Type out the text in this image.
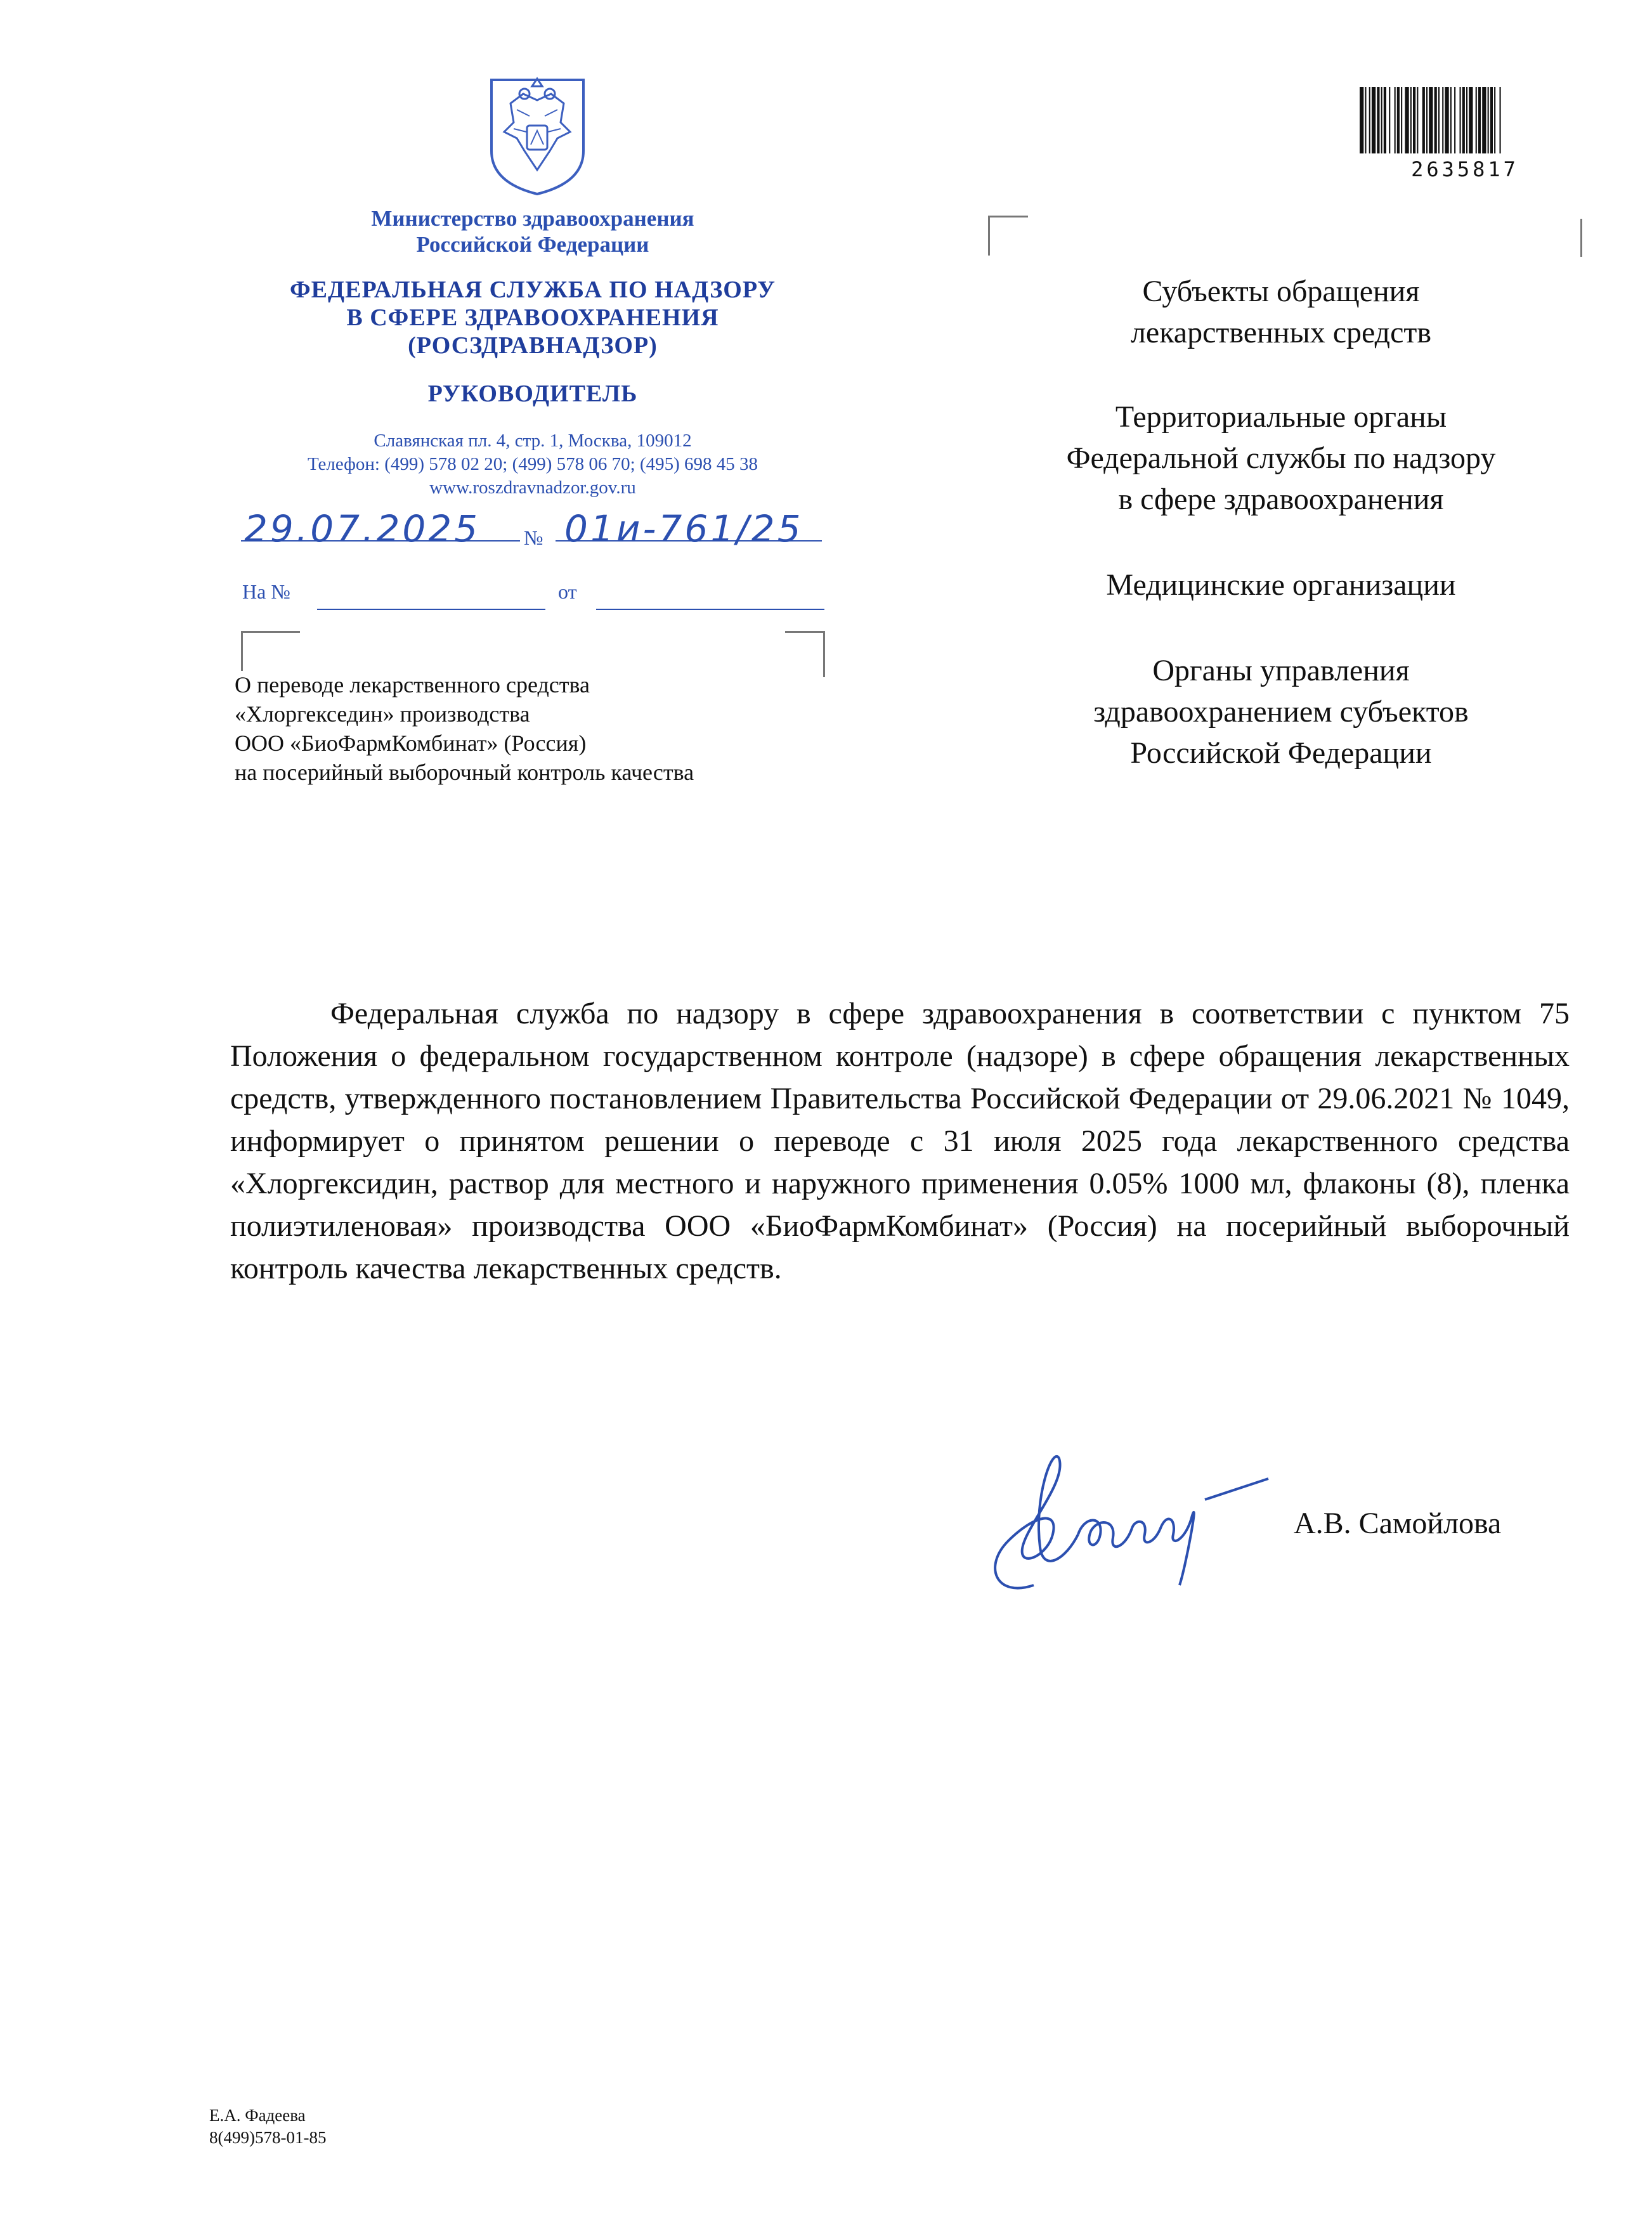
Министерство здравоохранения
Российской Федерации
ФЕДЕРАЛЬНАЯ СЛУЖБА ПО НАДЗОРУ
В СФЕРЕ ЗДРАВООХРАНЕНИЯ
(РОСЗДРАВНАДЗОР)
РУКОВОДИТЕЛЬ
Славянская пл. 4, стр. 1, Москва, 109012
Телефон: (499) 578 02 20; (499) 578 06 70; (495) 698 45 38
www.roszdravnadzor.gov.ru
29.07.2025 № 01и-761/25
На №	от
О переводе лекарственного средства
«Хлоргекседин» производства
ООО «БиоФармКомбинат» (Россия)
на посерийный выборочный контроль качества
2635817
Субъекты обращения
лекарственных средств
Территориальные органы
Федеральной службы по надзору
в сфере здравоохранения
Медицинские организации
Органы управления
здравоохранением субъектов
Российской Федерации
Федеральная служба по надзору в сфере здравоохранения в соответствии с пунктом 75 Положения о федеральном государственном контроле (надзоре) в сфере обращения лекарственных средств, утвержденного постановлением Правительства Российской Федерации от 29.06.2021 № 1049, информирует о принятом решении о переводе с 31 июля 2025 года лекарственного средства «Хлоргексидин, раствор для местного и наружного применения 0.05% 1000 мл, флаконы (8), пленка полиэтиленовая» производства ООО «БиоФармКомбинат» (Россия) на посерийный выборочный контроль качества лекарственных средств.
А.В. Самойлова
Е.А. Фадеева
8(499)578-01-85
